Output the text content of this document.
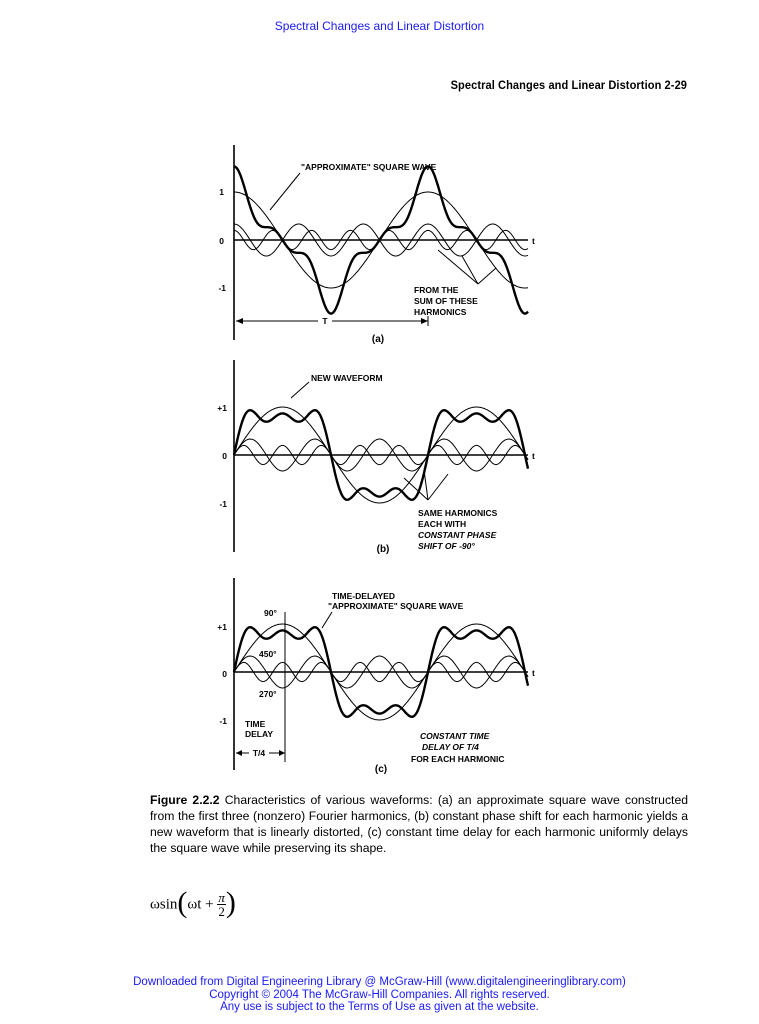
Spectral Changes and Linear Distortion
Spectral Changes and Linear Distortion 2-29
1
0
-1
t
"APPROXIMATE" SQUARE WAVE
FROM THE
SUM OF THESE
HARMONICS
T
(a)
+1
0
-1
t
NEW WAVEFORM
SAME HARMONICS
EACH WITH
CONSTANT PHASE
SHIFT OF -90°
(b)
+1
0
-1
t
TIME-DELAYED
"APPROXIMATE" SQUARE WAVE
90°
450°
270°
TIME
DELAY
T/4
CONSTANT TIME
DELAY OF T/4
FOR EACH HARMONIC
(c)
Figure 2.2.2 Characteristics of various waveforms: (a) an approximate square wave constructed from the first three (nonzero) Fourier harmonics, (b) constant phase shift for each harmonic yields a new waveform that is linearly distorted, (c) constant time delay for each harmonic uniformly delays the square wave while preserving its shape.
$\omega\sin(\omega t + \frac{\pi}{2}$ )
Downloaded from Digital Engineering Library @ McGraw-Hill (www.digitalengineeringlibrary.com)
Copyright © 2004 The McGraw-Hill Companies. All rights reserved.
Any use is subject to the Terms of Use as given at the website.
